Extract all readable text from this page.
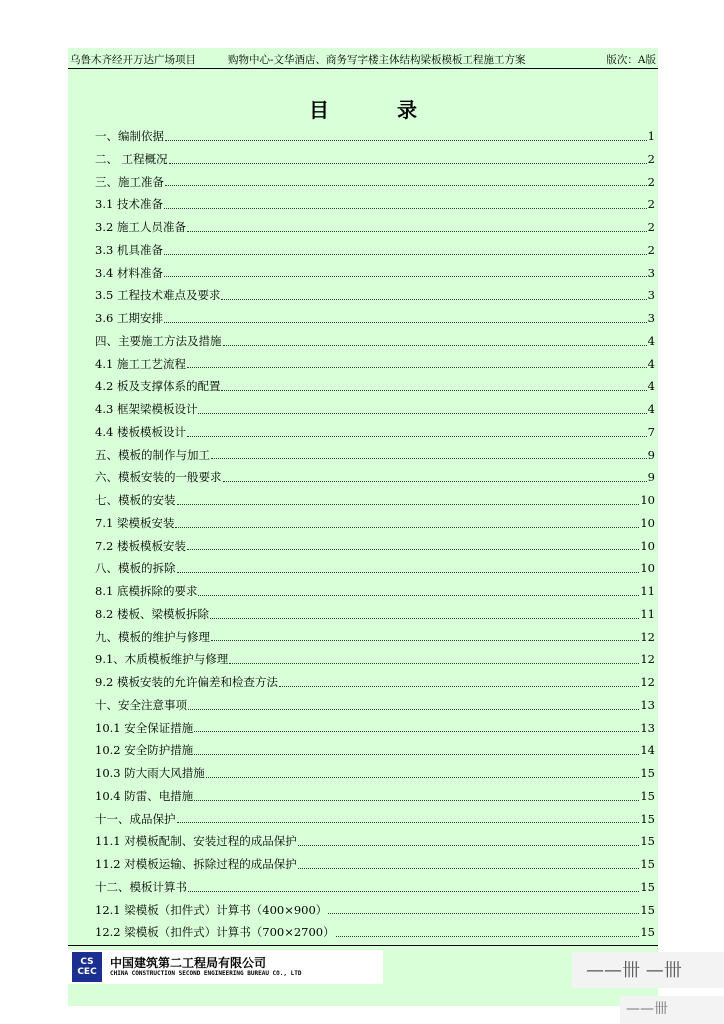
乌鲁木齐经开万达广场项目	购物中心-文华酒店、商务写字楼主体结构梁板模板工程施工方案	版次：A版
目录
一、编制依据	1
二、 工程概况	2
三、施工准备	2
3.1 技术准备	2
3.2 施工人员准备	2
3.3 机具准备	2
3.4 材料准备	3
3.5 工程技术难点及要求	3
3.6 工期安排	3
四、主要施工方法及措施	4
4.1 施工工艺流程	4
4.2 板及支撑体系的配置	4
4.3 框架梁模板设计	4
4.4 楼板模板设计	7
五、模板的制作与加工	9
六、模板安装的一般要求	9
七、模板的安装	10
7.1 梁模板安装	10
7.2 楼板模板安装	10
八、模板的拆除	10
8.1 底模拆除的要求	11
8.2 楼板、梁模板拆除	11
九、模板的维护与修理	12
9.1、木质模板维护与修理	12
9.2 模板安装的允许偏差和检查方法	12
十、安全注意事项	13
10.1 安全保证措施	13
10.2 安全防护措施	14
10.3 防大雨大风措施	15
10.4 防雷、电措施	15
十一、成品保护	15
11.1 对模板配制、安装过程的成品保护	15
11.2 对模板运输、拆除过程的成品保护	15
十二、模板计算书	15
12.1 梁模板（扣件式）计算书（400×900）	15
12.2 梁模板（扣件式）计算书（700×2700）	15
CS
CEC
中国建筑第二工程局有限公司
CHINA CONSTRUCTION SECOND ENGINEERING BUREAU CO., LTD	——卌 —卌
——卌
